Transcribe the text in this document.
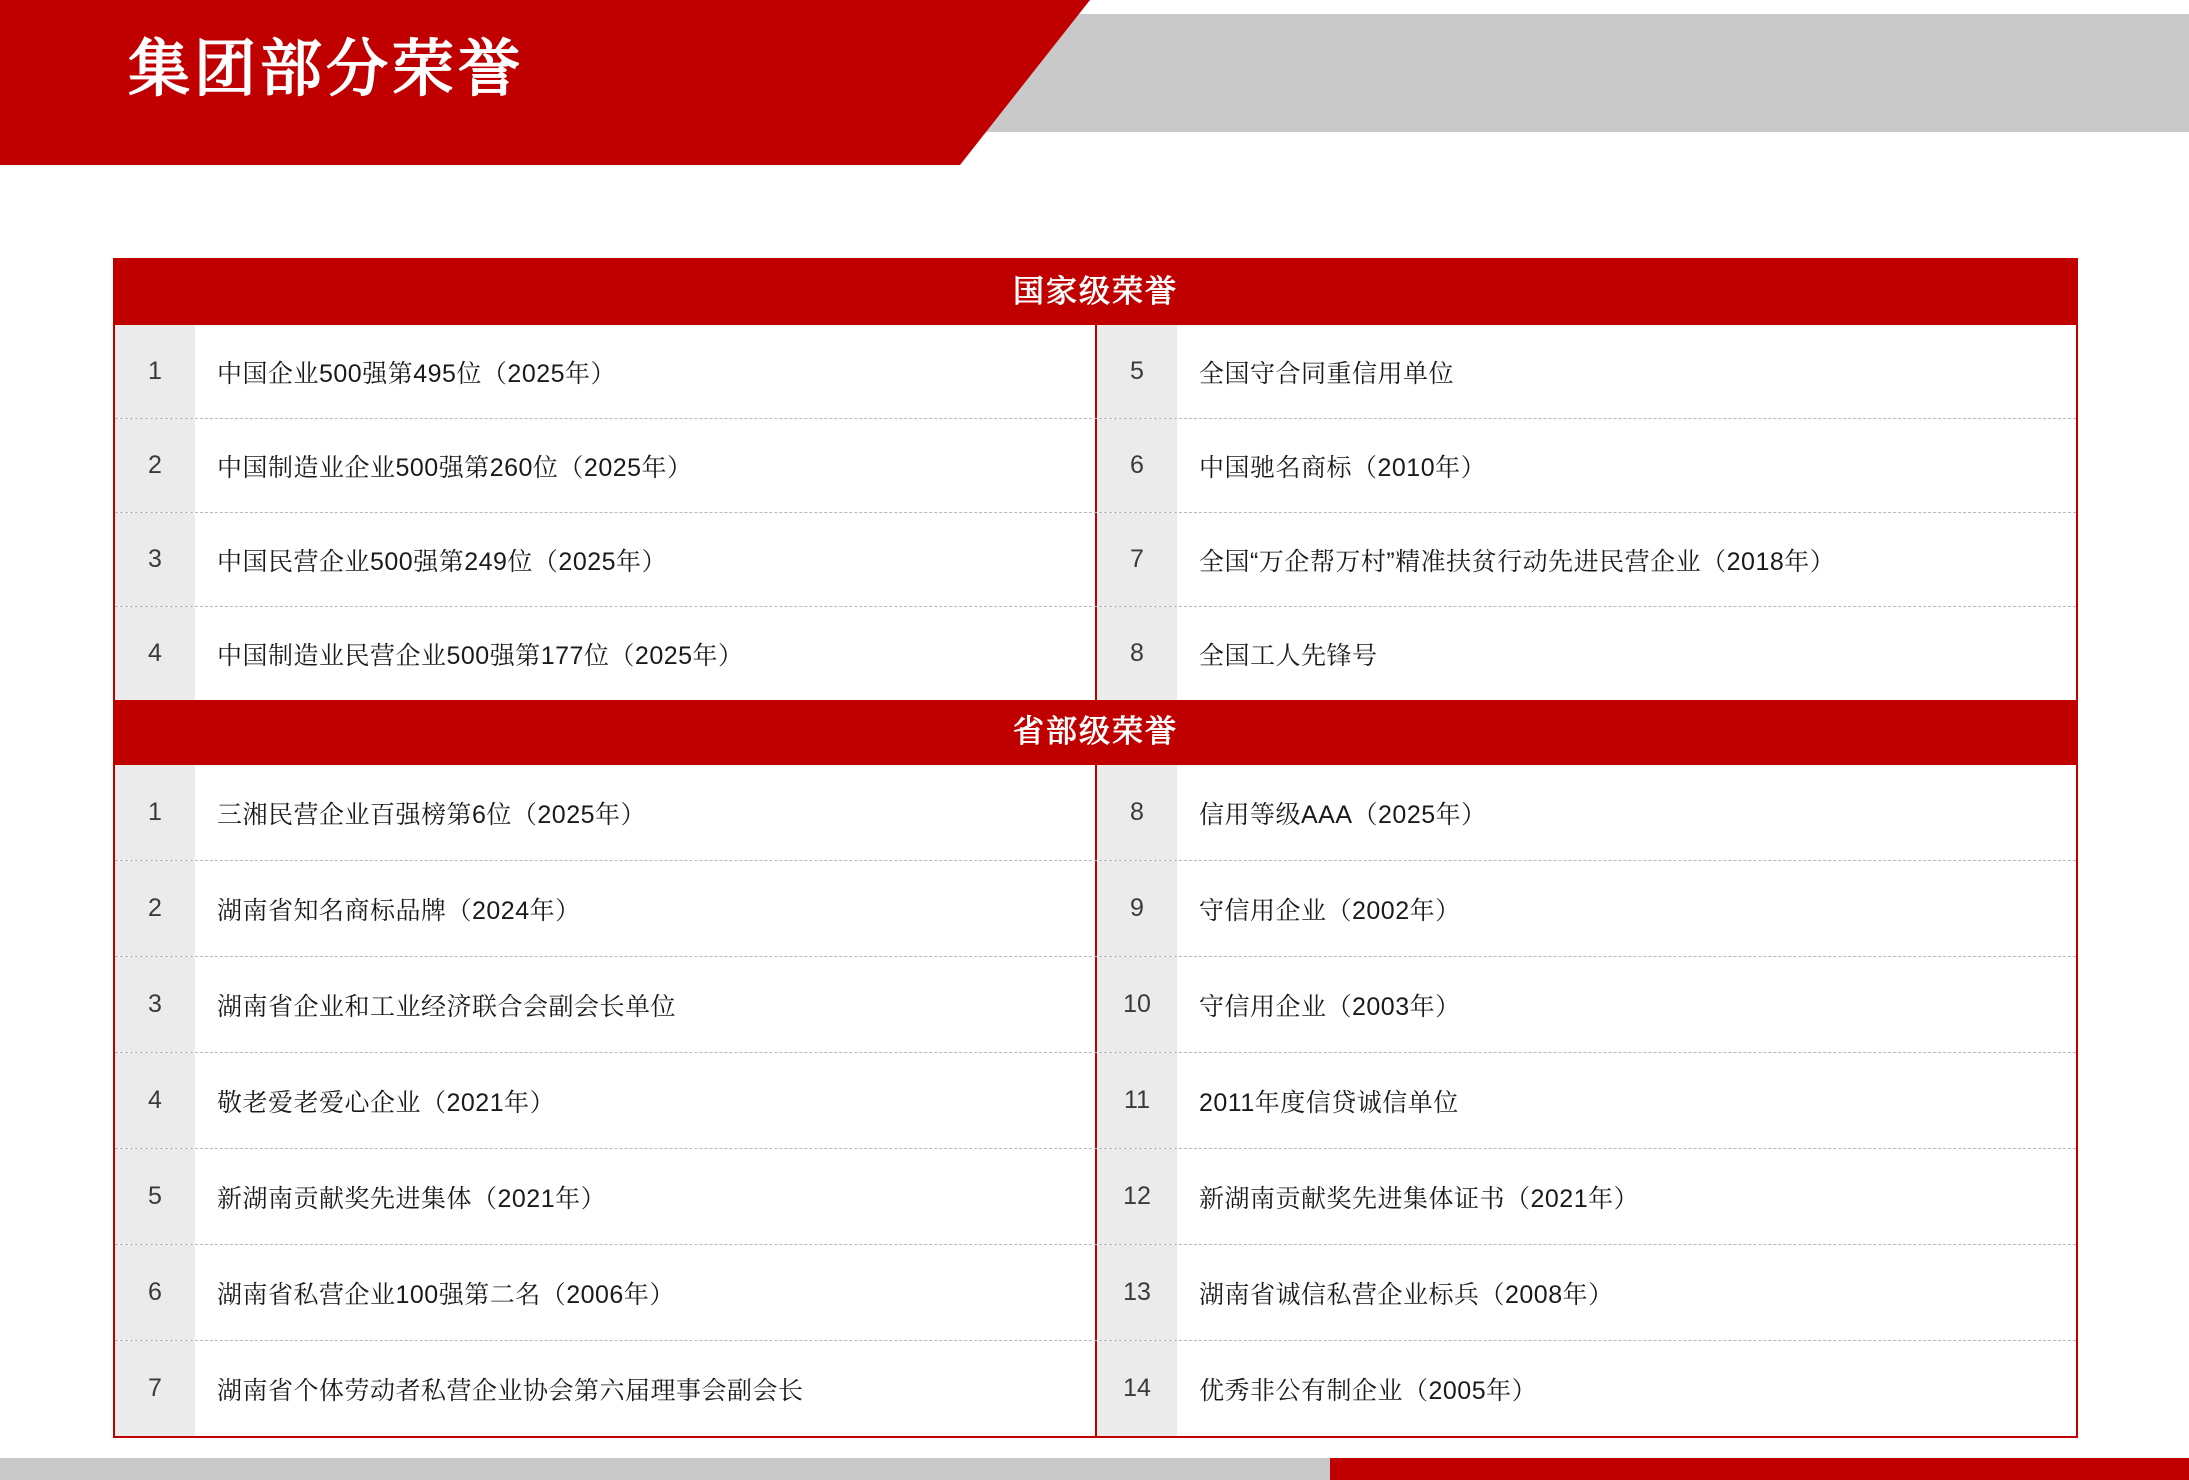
集团部分荣誉
国家级荣誉
1	中国企业500强第495位（2025年）	5	全国守合同重信用单位
2	中国制造业企业500强第260位（2025年）	6	中国驰名商标（2010年）
3	中国民营企业500强第249位（2025年）	7	全国“万企帮万村”精准扶贫行动先进民营企业（2018年）
4	中国制造业民营企业500强第177位（2025年）	8	全国工人先锋号
省部级荣誉
1	三湘民营企业百强榜第6位（2025年）	8	信用等级AAA（2025年）
2	湖南省知名商标品牌（2024年）	9	守信用企业（2002年）
3	湖南省企业和工业经济联合会副会长单位	10	守信用企业（2003年）
4	敬老爱老爱心企业（2021年）	11	2011年度信贷诚信单位
5	新湖南贡献奖先进集体（2021年）	12	新湖南贡献奖先进集体证书（2021年）
6	湖南省私营企业100强第二名（2006年）	13	湖南省诚信私营企业标兵（2008年）
7	湖南省个体劳动者私营企业协会第六届理事会副会长	14	优秀非公有制企业（2005年）
